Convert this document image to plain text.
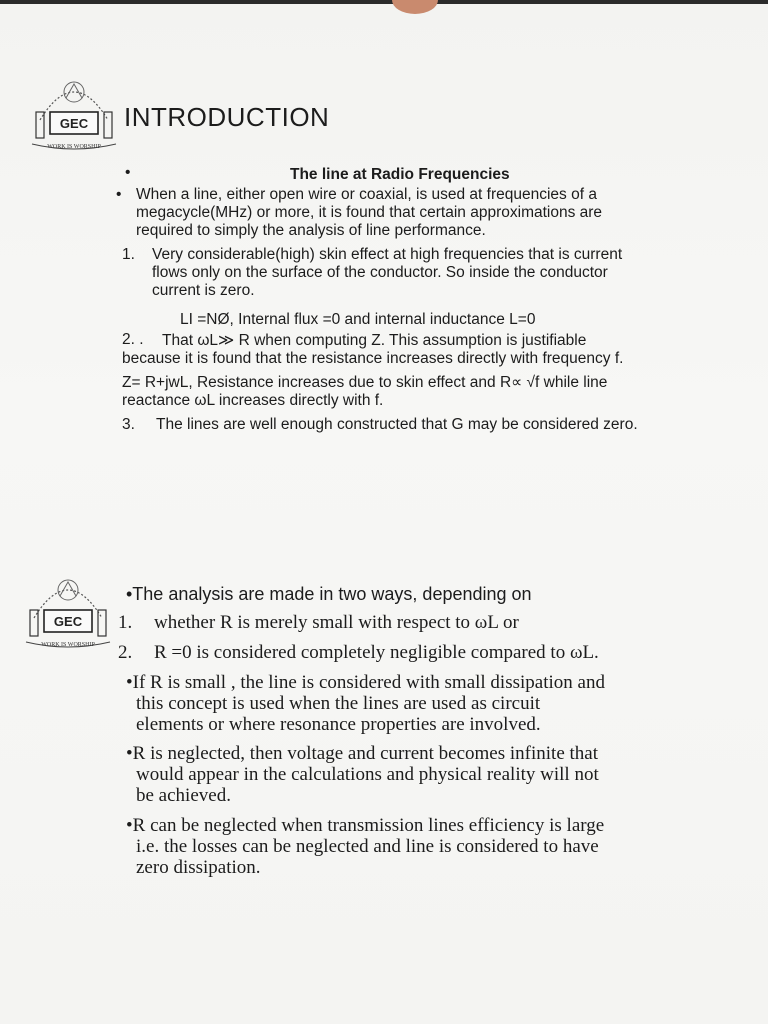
GEC
WORK IS WORSHIP
INTRODUCTION
•	The line at Radio Frequencies
• When a line, either open wire or coaxial, is used at frequencies of a
megacycle(MHz) or more, it is found that certain approximations are
required to simply the analysis of line performance.
1. Very considerable(high) skin effect at high frequencies that is current
flows only on the surface of the conductor. So inside the conductor
current is zero.
LI =NØ, Internal flux =0 and internal inductance L=0
2. . That ωL≫ R when computing Z. This assumption is justifiable
because it is found that the resistance increases directly with frequency f.
Z= R+jwL, Resistance increases due to skin effect and R∝ √f while line
reactance ωL increases directly with f.
3. The lines are well enough constructed that G may be considered zero.
GEC
WORK IS WORSHIP
•The analysis are made in two ways, depending on
1. whether R is merely small with respect to ωL or
2. R =0 is considered completely negligible compared to ωL.
•If R is small , the line is considered with small dissipation and
this concept is used when the lines are used as circuit
elements or where resonance properties are involved.
•R is neglected, then voltage and current becomes infinite that
would appear in the calculations and physical reality will not
be achieved.
•R can be neglected when transmission lines efficiency is large
i.e. the losses can be neglected and line is considered to have
zero dissipation.
